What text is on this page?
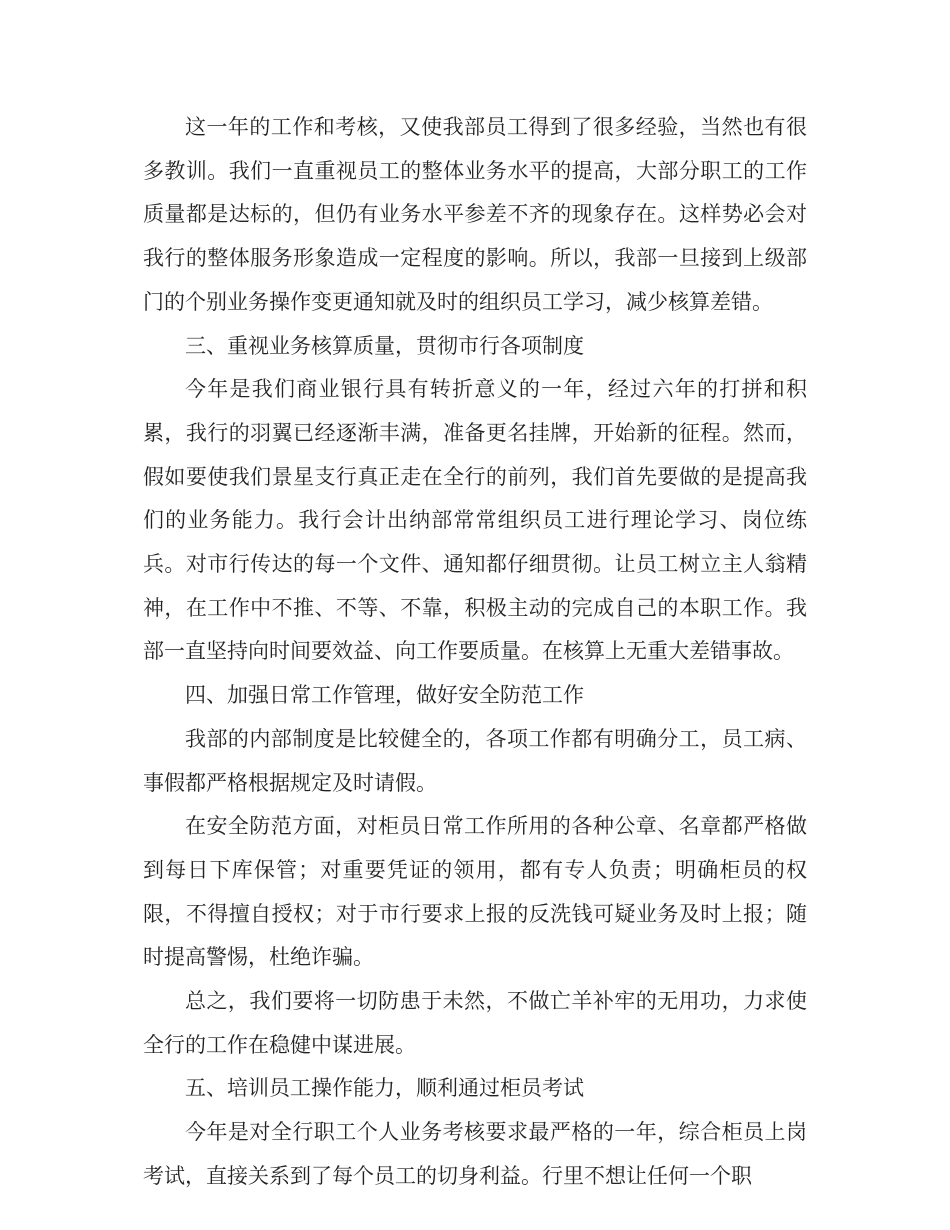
这一年的工作和考核，又使我部员工得到了很多经验，当然也有很多教训。我们一直重视员工的整体业务水平的提高，大部分职工的工作质量都是达标的，但仍有业务水平参差不齐的现象存在。这样势必会对我行的整体服务形象造成一定程度的影响。所以，我部一旦接到上级部门的个别业务操作变更通知就及时的组织员工学习，减少核算差错。

三、重视业务核算质量，贯彻市行各项制度

今年是我们商业银行具有转折意义的一年，经过六年的打拼和积累，我行的羽翼已经逐渐丰满，准备更名挂牌，开始新的征程。然而，假如要使我们景星支行真正走在全行的前列，我们首先要做的是提高我们的业务能力。我行会计出纳部常常组织员工进行理论学习、岗位练兵。对市行传达的每一个文件、通知都仔细贯彻。让员工树立主人翁精神，在工作中不推、不等、不靠，积极主动的完成自己的本职工作。我部一直坚持向时间要效益、向工作要质量。在核算上无重大差错事故。

四、加强日常工作管理，做好安全防范工作

我部的内部制度是比较健全的，各项工作都有明确分工，员工病、事假都严格根据规定及时请假。

在安全防范方面，对柜员日常工作所用的各种公章、名章都严格做到每日下库保管；对重要凭证的领用，都有专人负责；明确柜员的权限，不得擅自授权；对于市行要求上报的反洗钱可疑业务及时上报；随时提高警惕，杜绝诈骗。

总之，我们要将一切防患于未然，不做亡羊补牢的无用功，力求使全行的工作在稳健中谋进展。

五、培训员工操作能力，顺利通过柜员考试

今年是对全行职工个人业务考核要求最严格的一年，综合柜员上岗考试，直接关系到了每个员工的切身利益。行里不想让任何一个职
